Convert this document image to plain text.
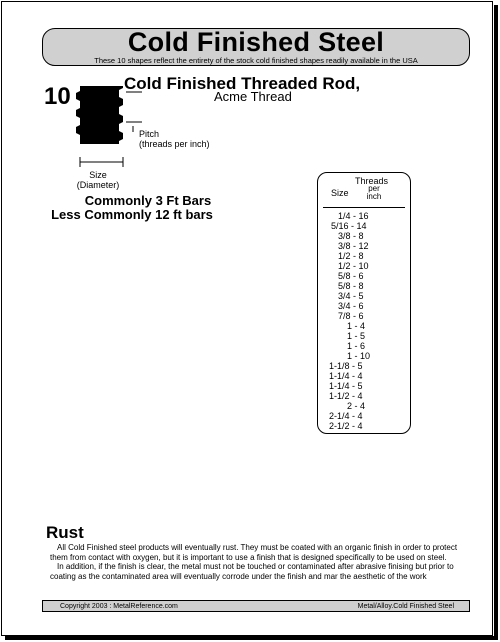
Cold Finished Steel
These 10 shapes reflect the entirety of the stock cold finished shapes readily available in the USA
10	Cold Finished Threaded Rod,
Acme Thread
Pitch
(threads per inch)
Size
(Diameter)
Commonly 3 Ft Bars
Less Commonly 12 ft bars
Threads
Size	per
inch
1/4 - 16
5/16 - 14
3/8 - 8
3/8 - 12
1/2 - 8
1/2 - 10
5/8 - 6
5/8 - 8
3/4 - 5
3/4 - 6
7/8 - 6
1 - 4
1 - 5
1 - 6
1 - 10
1-1/8 - 5
1-1/4 - 4
1-1/4 - 5
1-1/2 - 4
2 - 4
2-1/4 - 4
2-1/2 - 4
Rust

All Cold Finished steel products will eventually rust. They must be coated with an organic finish in order to protect them from contact with oxygen, but it is important to use a finish that is designed specifically to be used on steel.

In addition, if the finish is clear, the metal must not be touched or contaminated after abrasive finising but prior to coating as the contaminated area will eventually corrode under the finish and mar the aesthetic of the work

Copyright 2003 : MetalReference.com	Metal/Alloy.Cold Finished Steel
